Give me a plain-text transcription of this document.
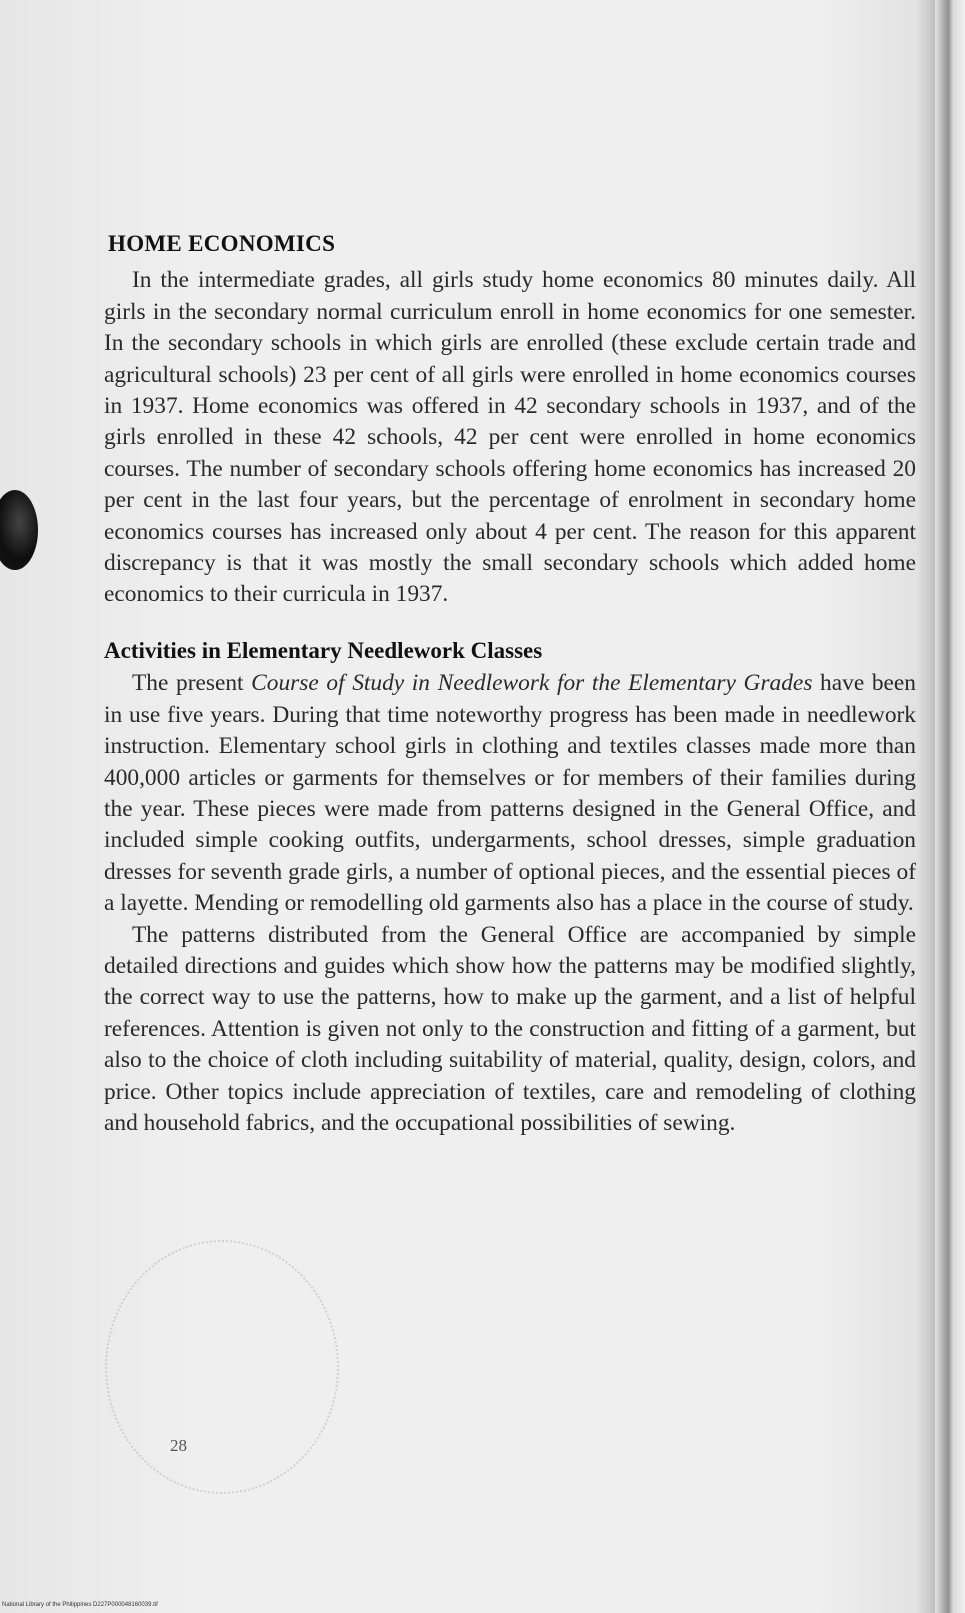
HOME ECONOMICS

In the intermediate grades, all girls study home economics 80 minutes daily. All girls in the secondary normal curriculum enroll in home economics for one semester. In the secondary schools in which girls are enrolled (these exclude certain trade and agricultural schools) 23 per cent of all girls were enrolled in home economics courses in 1937. Home economics was offered in 42 secondary schools in 1937, and of the girls enrolled in these 42 schools, 42 per cent were enrolled in home economics courses. The number of secondary schools offering home economics has increased 20 per cent in the last four years, but the percentage of enrolment in secondary home economics courses has increased only about 4 per cent. The reason for this apparent discrepancy is that it was mostly the small secondary schools which added home economics to their curricula in 1937.

Activities in Elementary Needlework Classes

The present Course of Study in Needlework for the Elementary Grades have been in use five years. During that time noteworthy progress has been made in needlework instruction. Elementary school girls in clothing and textiles classes made more than 400,000 articles or garments for themselves or for members of their families during the year. These pieces were made from patterns designed in the General Office, and included simple cooking outfits, undergarments, school dresses, simple graduation dresses for seventh grade girls, a number of optional pieces, and the essential pieces of a layette. Mending or remodelling old garments also has a place in the course of study.

The patterns distributed from the General Office are accompanied by simple detailed directions and guides which show how the patterns may be modified slightly, the correct way to use the patterns, how to make up the garment, and a list of helpful references. Attention is given not only to the construction and fitting of a garment, but also to the choice of cloth including suitability of material, quality, design, colors, and price. Other topics include appreciation of textiles, care and remodeling of clothing and household fabrics, and the occupational possibilities of sewing.

28
National Library of the Philippines D227P000048160039.tif
